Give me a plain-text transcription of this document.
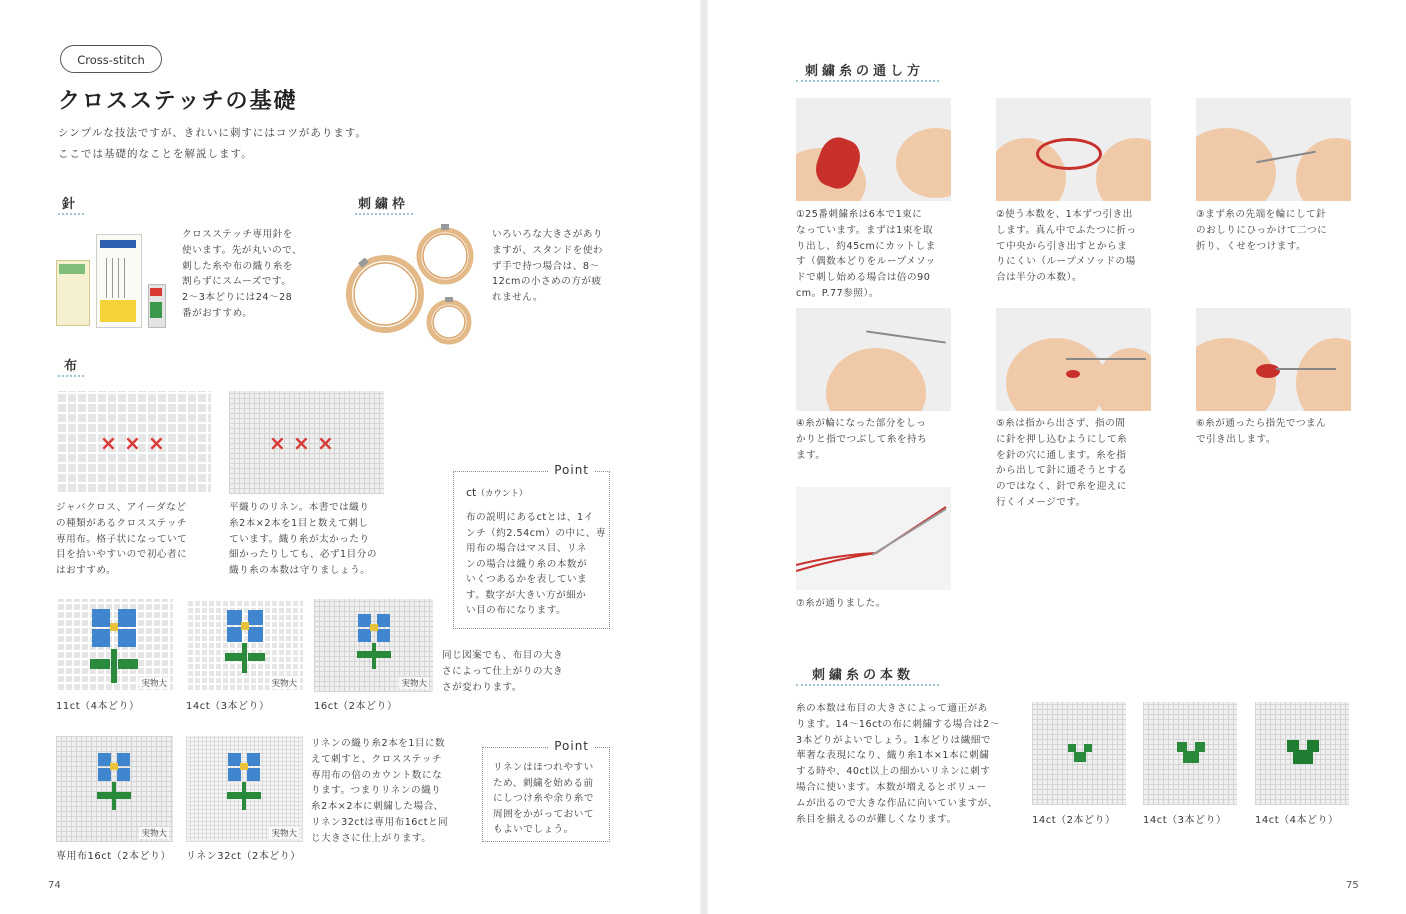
Cross-stitch
クロスステッチの基礎
シンプルな技法ですが、きれいに刺すにはコツがあります。
ここでは基礎的なことを解説します。
針
クロスステッチ専用針を
使います。先が丸いので、
刺した糸や布の織り糸を
割らずにスムーズです。
2～3本どりには24～28
番がおすすめ。
刺繍枠
いろいろな大きさがあり
ますが、スタンドを使わ
ず手で持つ場合は、8～
12cmの小さめの方が疲
れません。
布
× × ×	× × ×
ジャバクロス、アイーダなど
の種類があるクロスステッチ
専用布。格子状になっていて
目を拾いやすいので初心者に
はおすすめ。
平織りのリネン。本書では織り
糸2本×2本を1目と数えて刺し
ています。織り糸が太かったり
細かったりしても、必ず1目分の
織り糸の本数は守りましょう。
Point
ct（カウント）
布の説明にあるctとは、1イ
ンチ（約2.54cm）の中に、専
用布の場合はマス目、リネ
ンの場合は織り糸の本数が
いくつあるかを表していま
す。数字が大きい方が細か
い目の布になります。
実物大	実物大	実物大
11ct（4本どり）	14ct（3本どり）	16ct（2本どり）
同じ図案でも、布目の大き
さによって仕上がりの大き
さが変わります。
実物大	実物大
専用布16ct（2本どり） リネン32ct（2本どり）
リネンの織り糸2本を1目に数
えて刺すと、クロスステッチ
専用布の倍のカウント数にな
ります。つまりリネンの織り
糸2本×2本に刺繍した場合、
リネン32ctは専用布16ctと同
じ大きさに仕上がります。
Point
リネンはほつれやすい
ため、刺繍を始める前
にしつけ糸や余り糸で
周囲をかがっておいて
もよいでしょう。
74
刺繍糸の通し方
①25番刺繍糸は6本で1束に
なっています。まずは1束を取
り出し、約45cmにカットしま
す（偶数本どりをループメソッ
ドで刺し始める場合は倍の90
cm。P.77参照）。
②使う本数を、1本ずつ引き出
します。真ん中でふたつに折っ
て中央から引き出すとからま
りにくい（ループメソッドの場
合は半分の本数）。
③まず糸の先端を輪にして針
のおしりにひっかけて二つに
折り、くせをつけます。
④糸が輪になった部分をしっ
かりと指でつぶして糸を持ち
ます。
⑤糸は指から出さず、指の間
に針を押し込むようにして糸
を針の穴に通します。糸を指
から出して針に通そうとする
のではなく、針で糸を迎えに
行くイメージです。
⑥糸が通ったら指先でつまん
で引き出します。
⑦糸が通りました。
刺繍糸の本数
糸の本数は布目の大きさによって適正があ
ります。14～16ctの布に刺繍する場合は2～
3本どりがよいでしょう。1本どりは繊細で
華奢な表現になり、織り糸1本×1本に刺繍
する時や、40ct以上の細かいリネンに刺す
場合に使います。本数が増えるとボリュー
ムが出るので大きな作品に向いていますが、
糸目を揃えるのが難しくなります。	14ct（2本どり）	14ct（3本どり）	14ct（4本どり）
75
